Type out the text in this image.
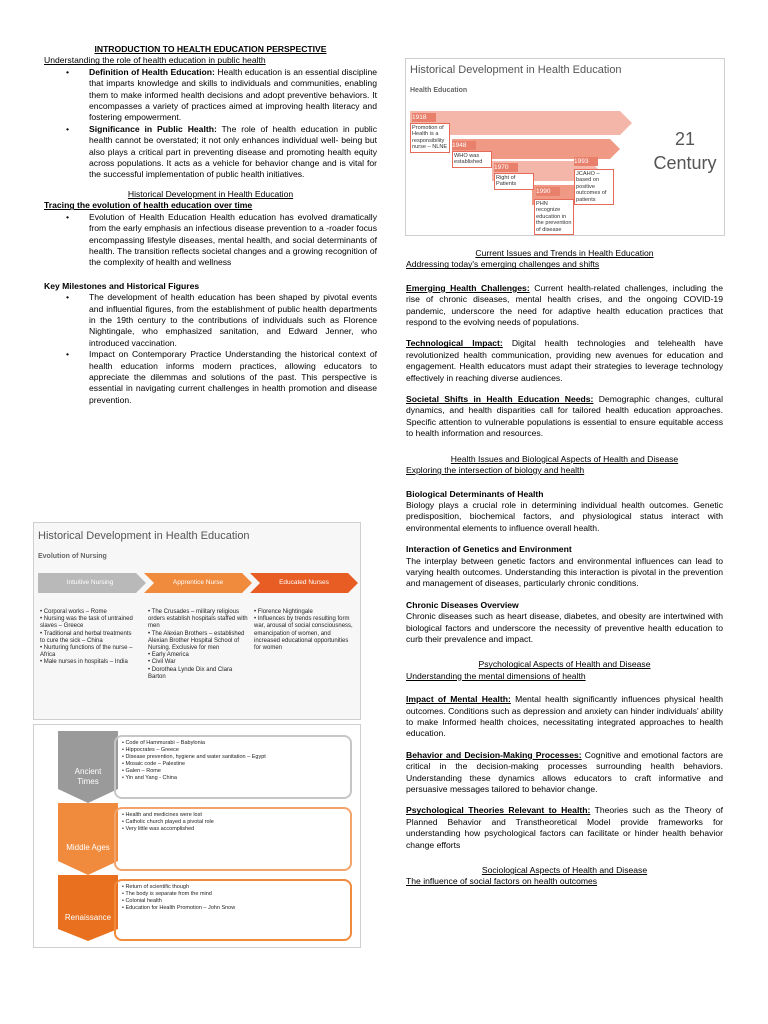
INTRODUCTION TO HEALTH EDUCATION PERSPECTIVE
Understanding the role of health education in public health
• Definition of Health Education: Health education is an essential discipline that imparts knowledge and skills to individuals and communities, enabling them to make informed health decisions and adopt preventive behaviors. It encompasses a variety of practices aimed at improving health literacy and fostering empowerment.
• Significance in Public Health: The role of health education in public health cannot be overstated; it not only enhances individual well- being but also plays a critical part in preventing disease and promoting health equity across populations. It acts as a vehicle for behavior change and is vital for the successful implementation of public health initiatives.
Historical Development in Health Education
Tracing the evolution of health education over time
• Evolution of Health Education Health education has evolved dramatically from the early emphasis an infectious disease prevention to a -roader focus encompassing lifestyle diseases, mental health, and social determinants of health. The transition reflects societal changes and a growing recognition of the complexity of health and wellness
Key Milestones and Historical Figures
• The development of health education has been shaped by pivotal events and influential figures, from the establishment of public health departments in the 19th century to the contributions of individuals such as Florence Nightingale, who emphasized sanitation, and Edward Jenner, who introduced vaccination.
• Impact on Contemporary Practice Understanding the historical context of health education informs modern practices, allowing educators to appreciate the dilemmas and solutions of the past. This perspective is essential in navigating current challenges in health promotion and disease prevention.
Historical Development in Health Education
Evolution of Nursing
Intuitive Nursing	Apprentice Nurse	Educated Nurses
• Corporal works – Rome
• Nursing was the task of untrained slaves – Greece
• Traditional and herbal treatments to cure the sick – China
• Nurturing functions of the nurse – Africa
• Male nurses in hospitals – India
• The Crusades – military religious orders establish hospitals staffed with men
• The Alexian Brothers – established Alexian Brother Hospital School of Nursing. Exclusive for men
• Early America
• Civil War
• Dorothea Lynde Dix and Clara Barton
• Florence Nightingale
• Influences by trends resulting form war, arousal of social consciousness, emancipation of women, and increased educational opportunities for women
Ancient
Times
Middle Ages
Renaissance
• Code of Hammurabi – Babylonia
• Hippocrates – Greece
• Disease prevention, hygiene and water sanitation – Egypt
• Mosaic code – Palestine
• Galen – Rome
• Yin and Yang - China
• Health and medicines were lost
• Catholic church played a pivotal role
• Very little was accomplished
• Return of scientific though
• The body is separate from the mind
• Colonial health
• Education for Health Promotion – John Snow
Historical Development in Health Education
Health Education
1918
1948
1970
1990
Promotion of Health is a responsibility nurse – NLNE
WHO was established
Right of Patients
PHN recognize education in the prevention of disease
1993
JCAHO – based on positive outcomes of patients
21
Century
Current Issues and Trends in Health Education
Addressing today's emerging challenges and shifts

Emerging Health Challenges: Current health-related challenges, including the rise of chronic diseases, mental health crises, and the ongoing COVID-19 pandemic, underscore the need for adaptive health education practices that respond to the evolving needs of populations.

Technological Impact: Digital health technologies and telehealth have revolutionized health communication, providing new avenues for education and engagement. Health educators must adapt their strategies to leverage technology effectively in reaching diverse audiences.

Societal Shifts in Health Education Needs: Demographic changes, cultural dynamics, and health disparities call for tailored health education approaches. Specific attention to vulnerable populations is essential to ensure equitable access to health information and resources.

Health Issues and Biological Aspects of Health and Disease
Exploring the intersection of biology and health

Biological Determinants of Health

Biology plays a crucial role in determining individual health outcomes. Genetic predisposition, biochemical factors, and physiological status interact with environmental elements to influence overall health.

Interaction of Genetics and Environment

The interplay between genetic factors and environmental influences can lead to varying health outcomes. Understanding this interaction is pivotal in the prevention and management of diseases, particularly chronic conditions.

Chronic Diseases Overview

Chronic diseases such as heart disease, diabetes, and obesity are intertwined with biological factors and underscore the necessity of preventive health education to curb their prevalence and impact.

Psychological Aspects of Health and Disease
Understanding the mental dimensions of health

Impact of Mental Health: Mental health significantly influences physical health outcomes. Conditions such as depression and anxiety can hinder individuals' ability to make Informed health choices, necessitating integrated approaches to health education.

Behavior and Decision-Making Processes: Cognitive and emotional factors are critical in the decision-making processes surrounding health behaviors. Understanding these dynamics allows educators to craft informative and persuasive messages tailored to behavior change.

Psychological Theories Relevant to Health: Theories such as the Theory of Planned Behavior and Transtheoretical Model provide frameworks for understanding how psychological factors can facilitate or hinder health behavior change efforts

Sociological Aspects of Health and Disease
The influence of social factors on health outcomes
